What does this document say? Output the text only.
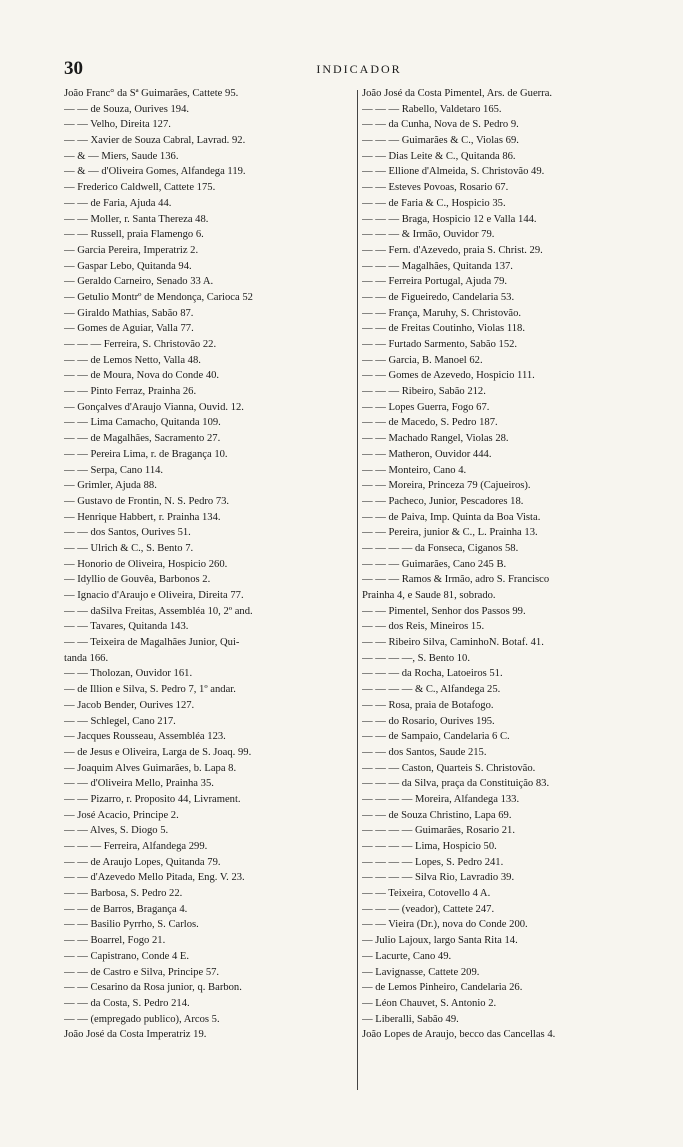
30	INDICADOR
João Franc° da Sª Guimarães, Cattete 95.
— — de Souza, Ourives 194.
— — Velho, Direita 127.
— — Xavier de Souza Cabral, Lavrad. 92.
— & — Miers, Saude 136.
— & — d'Oliveira Gomes, Alfandega 119.
— Frederico Caldwell, Cattete 175.
— — de Faria, Ajuda 44.
— — Moller, r. Santa Thereza 48.
— — Russell, praia Flamengo 6.
— Garcia Pereira, Imperatriz 2.
— Gaspar Lebo, Quitanda 94.
— Geraldo Carneiro, Senado 33 A.
— Getulio Montrº de Mendonça, Carioca 52
— Giraldo Mathias, Sabão 87.
— Gomes de Aguiar, Valla 77.
— — — Ferreira, S. Christovão 22.
— — de Lemos Netto, Valla 48.
— — de Moura, Nova do Conde 40.
— — Pinto Ferraz, Prainha 26.
— Gonçalves d'Araujo Vianna, Ouvid. 12.
— — Lima Camacho, Quitanda 109.
— — de Magalhães, Sacramento 27.
— — Pereira Lima, r. de Bragança 10.
— — Serpa, Cano 114.
— Grimler, Ajuda 88.
— Gustavo de Frontin, N. S. Pedro 73.
— Henrique Habbert, r. Prainha 134.
— — dos Santos, Ourives 51.
— — Ulrich & C., S. Bento 7.
— Honorio de Oliveira, Hospicio 260.
— Idyllio de Gouvêa, Barbonos 2.
— Ignacio d'Araujo e Oliveira, Direita 77.
— — daSilva Freitas, Assembléa 10, 2º and.
— — Tavares, Quitanda 143.
— — Teixeira de Magalhães Junior, Qui-
tanda 166.
— — Tholozan, Ouvidor 161.
— de Illion e Silva, S. Pedro 7, 1º andar.
— Jacob Bender, Ourives 127.
— — Schlegel, Cano 217.
— Jacques Rousseau, Assembléa 123.
— de Jesus e Oliveira, Larga de S. Joaq. 99.
— Joaquim Alves Guimarães, b. Lapa 8.
— — d'Oliveira Mello, Prainha 35.
— — Pizarro, r. Proposito 44, Livrament.
— José Acacio, Principe 2.
— — Alves, S. Diogo 5.
— — — Ferreira, Alfandega 299.
— — de Araujo Lopes, Quitanda 79.
— — d'Azevedo Mello Pitada, Eng. V. 23.
— — Barbosa, S. Pedro 22.
— — de Barros, Bragança 4.
— — Basilio Pyrrho, S. Carlos.
— — Boarrel, Fogo 21.
— — Capistrano, Conde 4 E.
— — de Castro e Silva, Principe 57.
— — Cesarino da Rosa junior, q. Barbon.
— — da Costa, S. Pedro 214.
— — (empregado publico), Arcos 5.
João José da Costa Imperatriz 19.
João José da Costa Pimentel, Ars. de Guerra.
— — — Rabello, Valdetaro 165.
— — da Cunha, Nova de S. Pedro 9.
— — — Guimarães & C., Violas 69.
— — Dias Leite & C., Quitanda 86.
— — Ellione d'Almeida, S. Christovão 49.
— — Esteves Povoas, Rosario 67.
— — de Faria & C., Hospicio 35.
— — — Braga, Hospicio 12 e Valla 144.
— — — & Irmão, Ouvidor 79.
— — Fern. d'Azevedo, praia S. Christ. 29.
— — — Magalhães, Quitanda 137.
— — Ferreira Portugal, Ajuda 79.
— — de Figueiredo, Candelaria 53.
— — França, Maruhy, S. Christovão.
— — de Freitas Coutinho, Violas 118.
— — Furtado Sarmento, Sabão 152.
— — Garcia, B. Manoel 62.
— — Gomes de Azevedo, Hospicio 111.
— — — Ribeiro, Sabão 212.
— — Lopes Guerra, Fogo 67.
— — de Macedo, S. Pedro 187.
— — Machado Rangel, Violas 28.
— — Matheron, Ouvidor 444.
— — Monteiro, Cano 4.
— — Moreira, Princeza 79 (Cajueiros).
— — Pacheco, Junior, Pescadores 18.
— — de Paiva, Imp. Quinta da Boa Vista.
— — Pereira, junior & C., L. Prainha 13.
— — — — da Fonseca, Ciganos 58.
— — — Guimarães, Cano 245 B.
— — — Ramos & Irmão, adro S. Francisco
Prainha 4, e Saude 81, sobrado.
— — Pimentel, Senhor dos Passos 99.
— — dos Reis, Mineiros 15.
— — Ribeiro Silva, CaminhoN. Botaf. 41.
— — — —, S. Bento 10.
— — — da Rocha, Latoeiros 51.
— — — — & C., Alfandega 25.
— — Rosa, praia de Botafogo.
— — do Rosario, Ourives 195.
— — de Sampaio, Candelaria 6 C.
— — dos Santos, Saude 215.
— — — Caston, Quarteis S. Christovão.
— — — da Silva, praça da Constituição 83.
— — — — Moreira, Alfandega 133.
— — de Souza Christino, Lapa 69.
— — — — Guimarães, Rosario 21.
— — — — Lima, Hospicio 50.
— — — — Lopes, S. Pedro 241.
— — — — Silva Rio, Lavradio 39.
— — Teixeira, Cotovello 4 A.
— — — (veador), Cattete 247.
— — Vieira (Dr.), nova do Conde 200.
— Julio Lajoux, largo Santa Rita 14.
— Lacurte, Cano 49.
— Lavignasse, Cattete 209.
— de Lemos Pinheiro, Candelaria 26.
— Léon Chauvet, S. Antonio 2.
— Liberalli, Sabão 49.
João Lopes de Araujo, becco das Cancellas 4.
